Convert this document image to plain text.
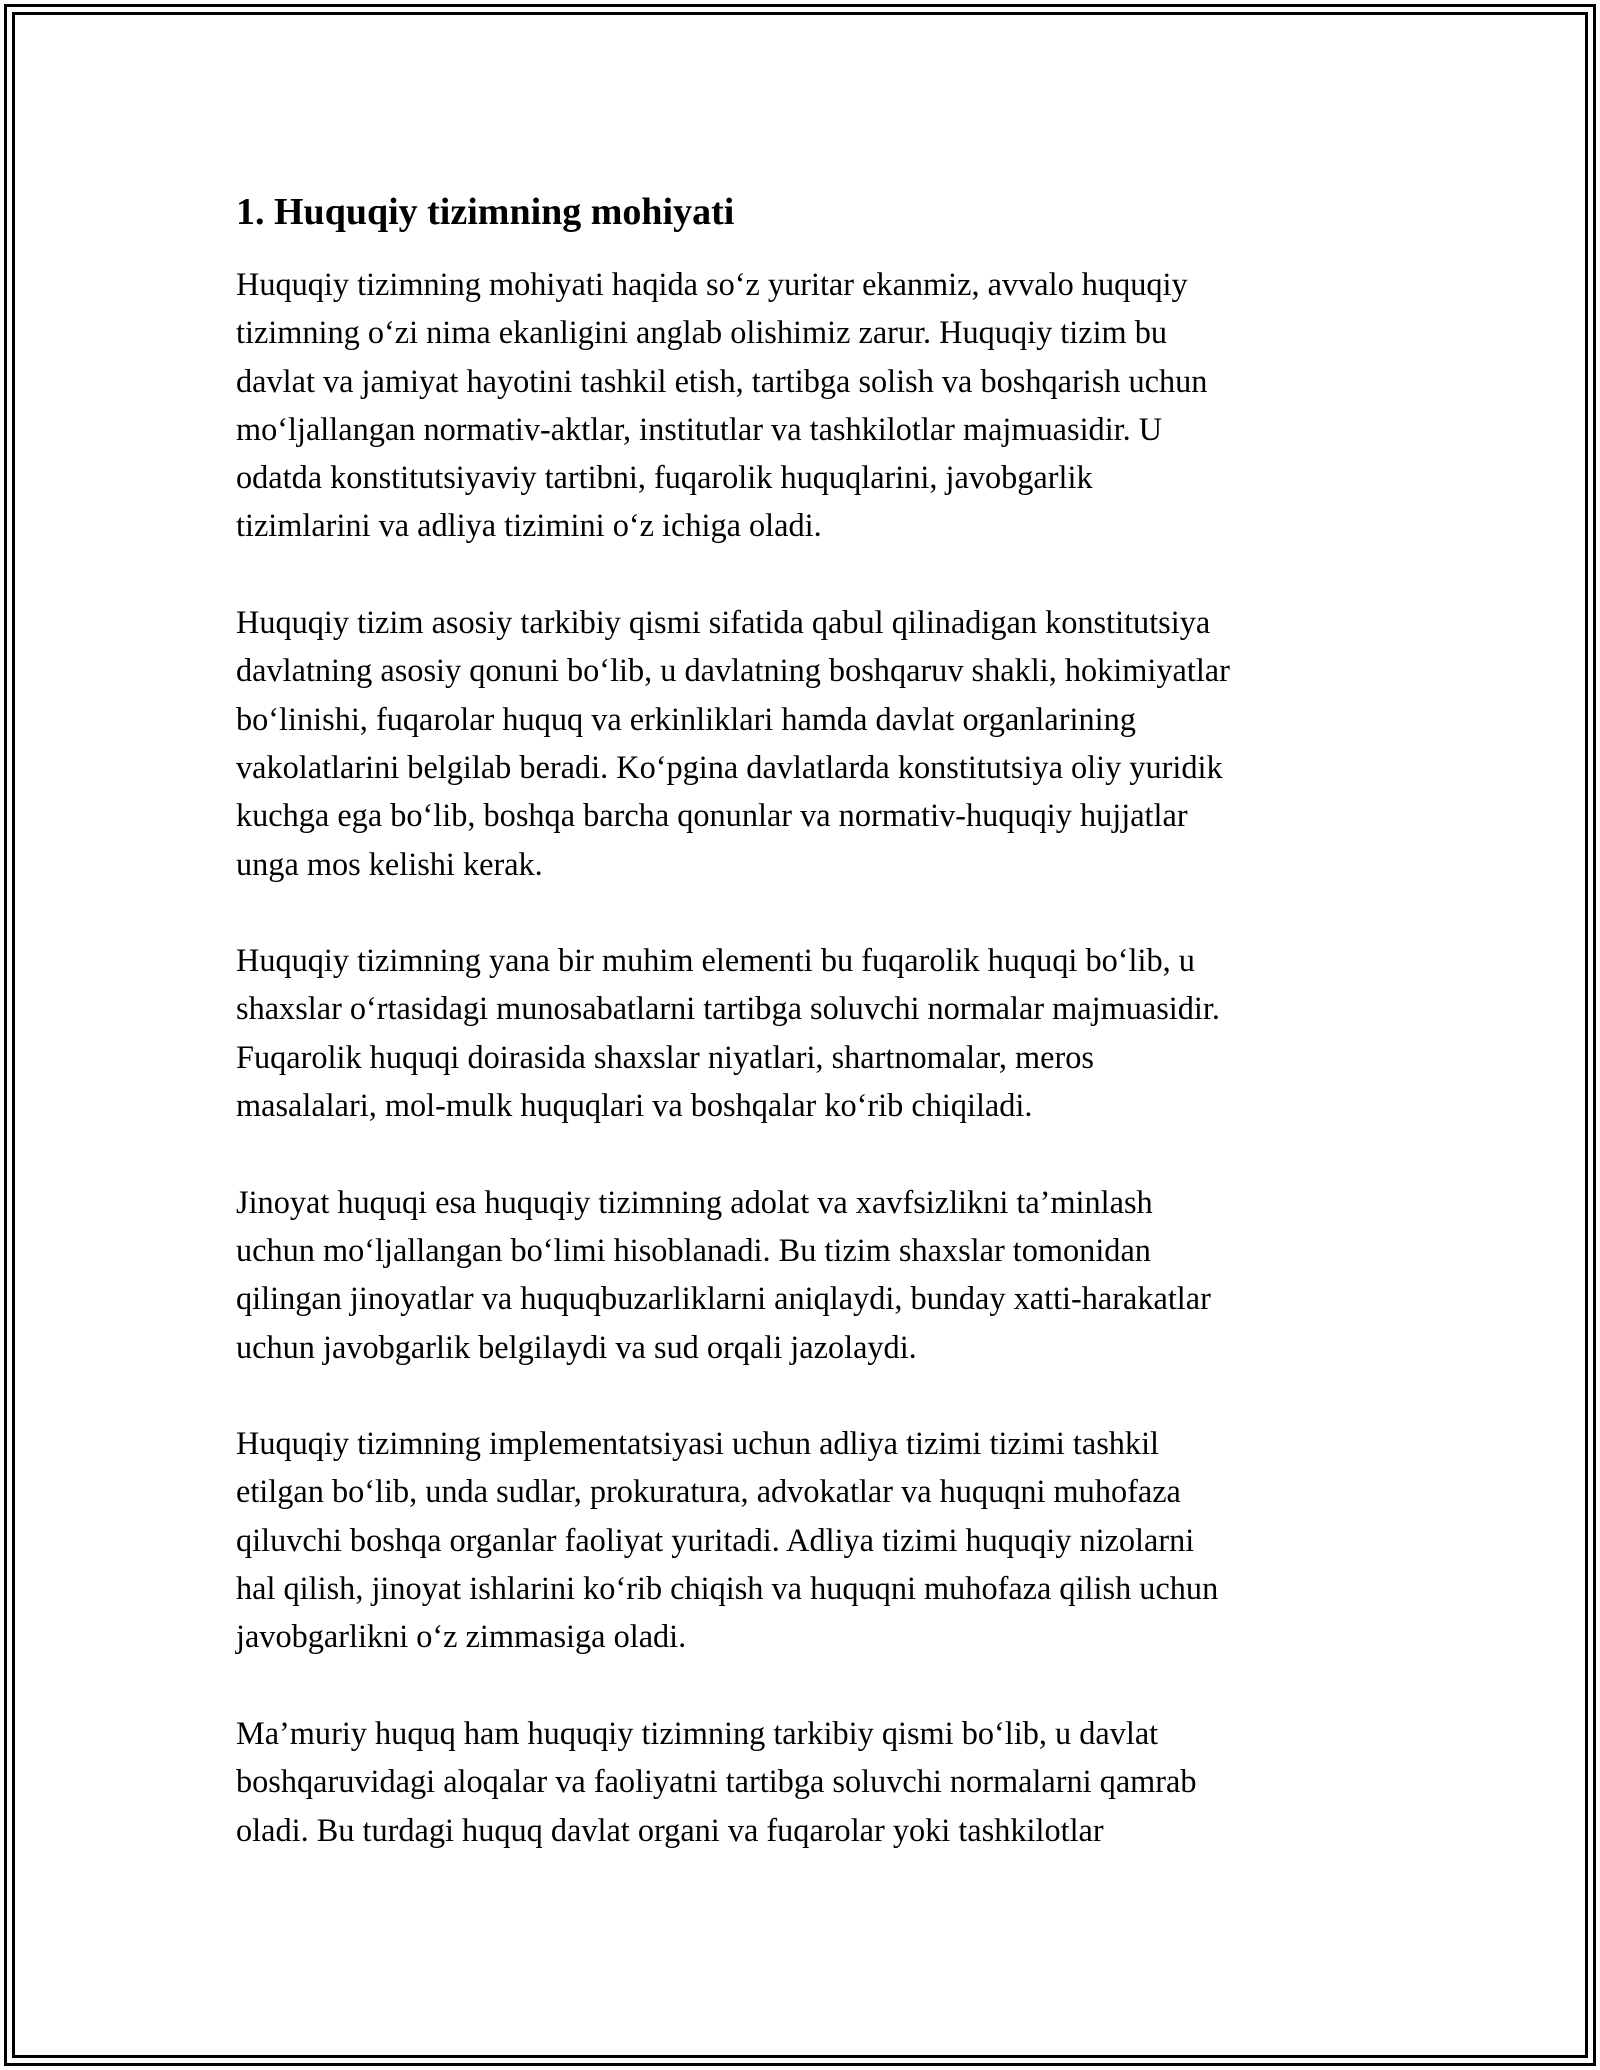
1. Huquqiy tizimning mohiyati

Huquqiy tizimning mohiyati haqida so‘z yuritar ekanmiz, avvalo huquqiy
tizimning o‘zi nima ekanligini anglab olishimiz zarur. Huquqiy tizim bu
davlat va jamiyat hayotini tashkil etish, tartibga solish va boshqarish uchun
mo‘ljallangan normativ-aktlar, institutlar va tashkilotlar majmuasidir. U
odatda konstitutsiyaviy tartibni, fuqarolik huquqlarini, javobgarlik
tizimlarini va adliya tizimini o‘z ichiga oladi.

Huquqiy tizim asosiy tarkibiy qismi sifatida qabul qilinadigan konstitutsiya
davlatning asosiy qonuni bo‘lib, u davlatning boshqaruv shakli, hokimiyatlar
bo‘linishi, fuqarolar huquq va erkinliklari hamda davlat organlarining
vakolatlarini belgilab beradi. Ko‘pgina davlatlarda konstitutsiya oliy yuridik
kuchga ega bo‘lib, boshqa barcha qonunlar va normativ-huquqiy hujjatlar
unga mos kelishi kerak.

Huquqiy tizimning yana bir muhim elementi bu fuqarolik huquqi bo‘lib, u
shaxslar o‘rtasidagi munosabatlarni tartibga soluvchi normalar majmuasidir.
Fuqarolik huquqi doirasida shaxslar niyatlari, shartnomalar, meros
masalalari, mol-mulk huquqlari va boshqalar ko‘rib chiqiladi.

Jinoyat huquqi esa huquqiy tizimning adolat va xavfsizlikni ta’minlash
uchun mo‘ljallangan bo‘limi hisoblanadi. Bu tizim shaxslar tomonidan
qilingan jinoyatlar va huquqbuzarliklarni aniqlaydi, bunday xatti-harakatlar
uchun javobgarlik belgilaydi va sud orqali jazolaydi.

Huquqiy tizimning implementatsiyasi uchun adliya tizimi tizimi tashkil
etilgan bo‘lib, unda sudlar, prokuratura, advokatlar va huquqni muhofaza
qiluvchi boshqa organlar faoliyat yuritadi. Adliya tizimi huquqiy nizolarni
hal qilish, jinoyat ishlarini ko‘rib chiqish va huquqni muhofaza qilish uchun
javobgarlikni o‘z zimmasiga oladi.

Ma’muriy huquq ham huquqiy tizimning tarkibiy qismi bo‘lib, u davlat
boshqaruvidagi aloqalar va faoliyatni tartibga soluvchi normalarni qamrab
oladi. Bu turdagi huquq davlat organi va fuqarolar yoki tashkilotlar
